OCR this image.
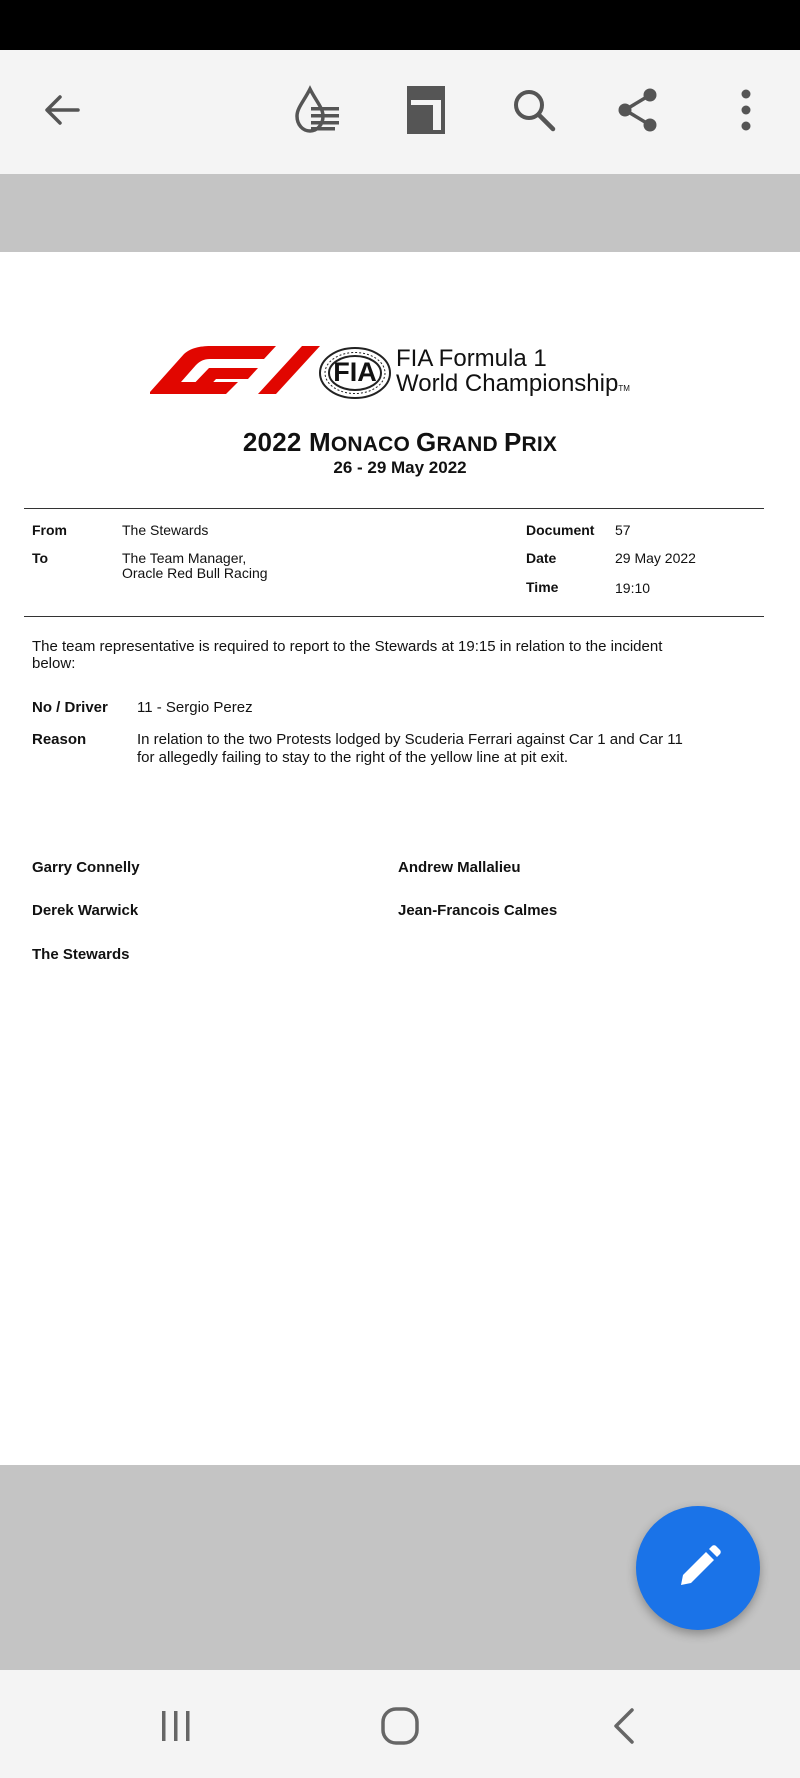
FIA FIA Formula 1
World ChampionshipTM
2022 MONACO GRAND PRIX
26 - 29 May 2022
From	The Stewards
To	The Team Manager,
Oracle Red Bull Racing
Document 57
Date	29 May 2022
Time	19:10
The team representative is required to report to the Stewards at 19:15 in relation to the incident
below:
No / Driver 11 - Sergio Perez
Reason	In relation to the two Protests lodged by Scuderia Ferrari against Car 1 and Car 11
for allegedly failing to stay to the right of the yellow line at pit exit.
Garry Connelly	Andrew Mallalieu
Derek Warwick	Jean-Francois Calmes
The Stewards
